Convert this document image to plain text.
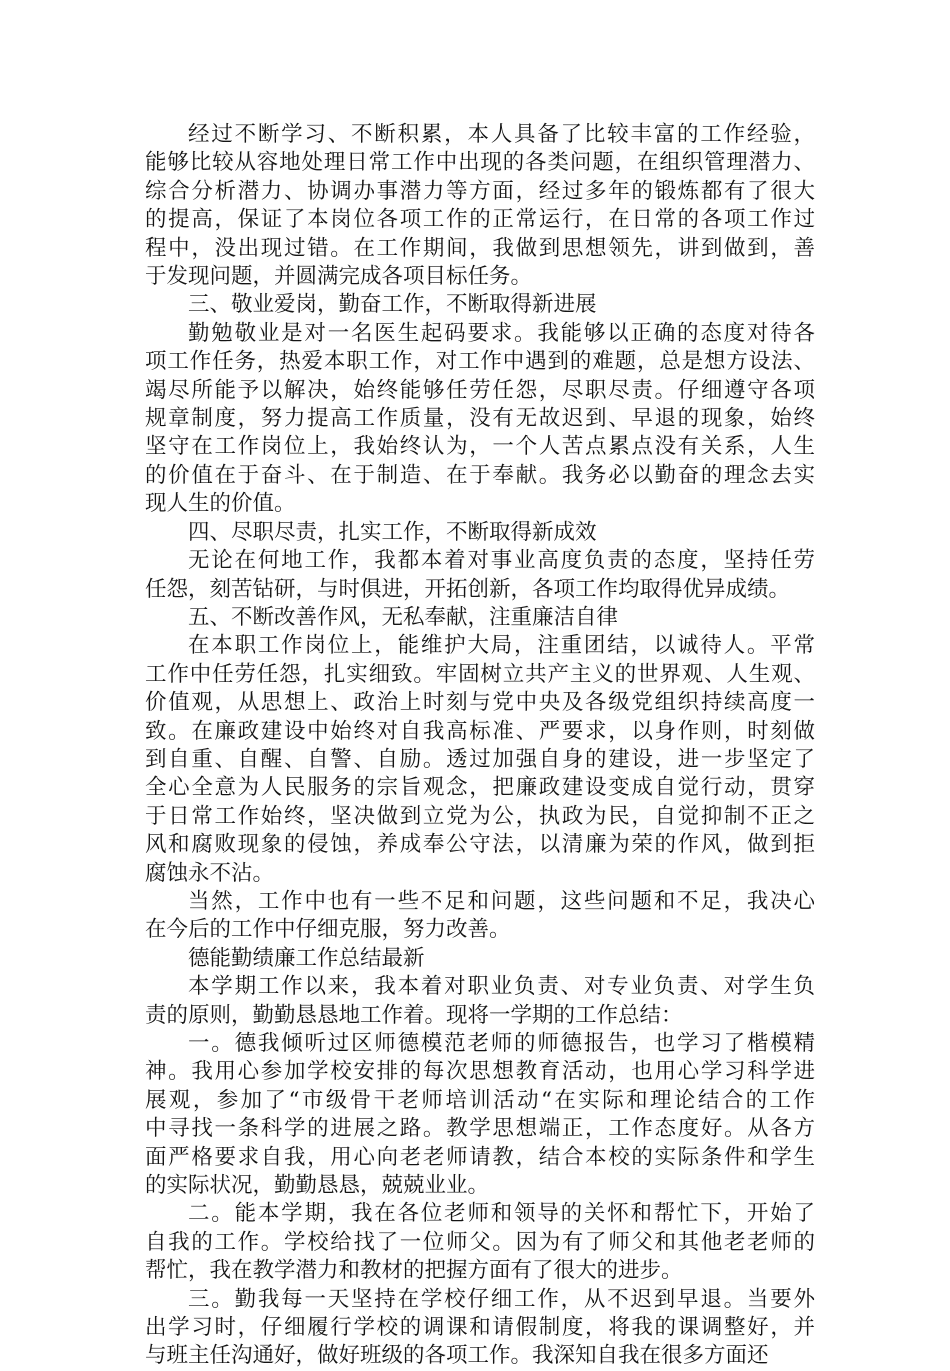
经过不断学习、不断积累，本人具备了比较丰富的工作经验，
能够比较从容地处理日常工作中出现的各类问题，在组织管理潜力、
综合分析潜力、协调办事潜力等方面，经过多年的锻炼都有了很大
的提高，保证了本岗位各项工作的正常运行，在日常的各项工作过
程中，没出现过错。在工作期间，我做到思想领先，讲到做到，善
于发现问题，并圆满完成各项目标任务。
三、敬业爱岗，勤奋工作，不断取得新进展
勤勉敬业是对一名医生起码要求。我能够以正确的态度对待各
项工作任务，热爱本职工作，对工作中遇到的难题，总是想方设法、
竭尽所能予以解决，始终能够任劳任怨，尽职尽责。仔细遵守各项
规章制度，努力提高工作质量，没有无故迟到、早退的现象，始终
坚守在工作岗位上，我始终认为，一个人苦点累点没有关系，人生
的价值在于奋斗、在于制造、在于奉献。我务必以勤奋的理念去实
现人生的价值。
四、尽职尽责，扎实工作，不断取得新成效
无论在何地工作，我都本着对事业高度负责的态度，坚持任劳
任怨，刻苦钻研，与时俱进，开拓创新，各项工作均取得优异成绩。
五、不断改善作风，无私奉献，注重廉洁自律
在本职工作岗位上，能维护大局，注重团结，以诚待人。平常
工作中任劳任怨，扎实细致。牢固树立共产主义的世界观、人生观、
价值观，从思想上、政治上时刻与党中央及各级党组织持续高度一
致。在廉政建设中始终对自我高标准、严要求，以身作则，时刻做
到自重、自醒、自警、自励。透过加强自身的建设，进一步坚定了
全心全意为人民服务的宗旨观念，把廉政建设变成自觉行动，贯穿
于日常工作始终，坚决做到立党为公，执政为民，自觉抑制不正之
风和腐败现象的侵蚀，养成奉公守法，以清廉为荣的作风，做到拒
腐蚀永不沾。
当然，工作中也有一些不足和问题，这些问题和不足，我决心
在今后的工作中仔细克服，努力改善。
德能勤绩廉工作总结最新
本学期工作以来，我本着对职业负责、对专业负责、对学生负
责的原则，勤勤恳恳地工作着。现将一学期的工作总结：
一。德我倾听过区师德模范老师的师德报告，也学习了楷模精
神。我用心参加学校安排的每次思想教育活动，也用心学习科学进
展观，参加了“市级骨干老师培训活动“在实际和理论结合的工作
中寻找一条科学的进展之路。教学思想端正，工作态度好。从各方
面严格要求自我，用心向老老师请教，结合本校的实际条件和学生
的实际状况，勤勤恳恳，兢兢业业。
二。能本学期，我在各位老师和领导的关怀和帮忙下，开始了
自我的工作。学校给找了一位师父。因为有了师父和其他老老师的
帮忙，我在教学潜力和教材的把握方面有了很大的进步。
三。勤我每一天坚持在学校仔细工作，从不迟到早退。当要外
出学习时，仔细履行学校的调课和请假制度，将我的课调整好，并
与班主任沟通好，做好班级的各项工作。我深知自我在很多方面还
